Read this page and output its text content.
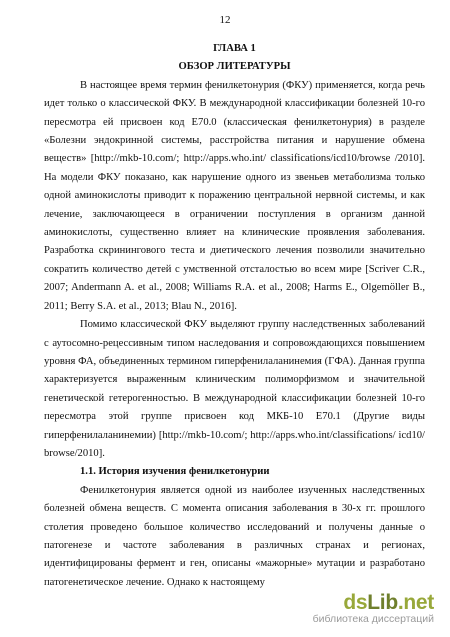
12

ГЛАВА 1

ОБЗОР ЛИТЕРАТУРЫ

В настоящее время термин фенилкетонурия (ФКУ) применяется, когда речь идет только о классической ФКУ. В международной классификации болезней 10-го пересмотра ей присвоен код Е70.0 (классическая фенилкетонурия) в разделе «Болезни эндокринной системы, расстройства питания и нарушение обмена веществ» [http://mkb-10.com/; http://apps.who.int/ classifications/icd10/browse /2010]. На модели ФКУ показано, как нарушение одного из звеньев метаболизма только одной аминокислоты приводит к поражению центральной нервной системы, и как лечение, заключающееся в ограничении поступления в организм данной аминокислоты, существенно влияет на клинические проявления заболевания. Разработка скринингового теста и диетического лечения позволили значительно сократить количество детей с умственной отсталостью во всем мире [Scriver C.R., 2007; Andermann A. et al., 2008; Williams R.A. et al., 2008; Harms E., Olgemöller B., 2011; Berry S.A. et al., 2013; Blau N., 2016].

Помимо классической ФКУ выделяют группу наследственных заболеваний с аутосомно-рецессивным типом наследования и сопровождающихся повышением уровня ФА, объединенных термином гиперфенилаланинемия (ГФА). Данная группа характеризуется выраженным клиническим полиморфизмом и значительной генетической гетерогенностью. В международной классификации болезней 10-го пересмотра этой группе присвоен код МКБ-10 Е70.1 (Другие виды гиперфенилаланинемии) [http://mkb-10.com/; http://apps.who.int/classifications/ icd10/ browse/2010].

1.1. История изучения фенилкетонурии

Фенилкетонурия является одной из наиболее изученных наследственных болезней обмена веществ. С момента описания заболевания в 30-х гг. прошлого столетия проведено большое количество исследований и получены данные о патогенезе и частоте заболевания в различных странах и регионах, идентифицированы фермент и ген, описаны «мажорные» мутации и разработано патогенетическое лечение. Однако к настоящему

dsLib.net
библиотека диссертаций
